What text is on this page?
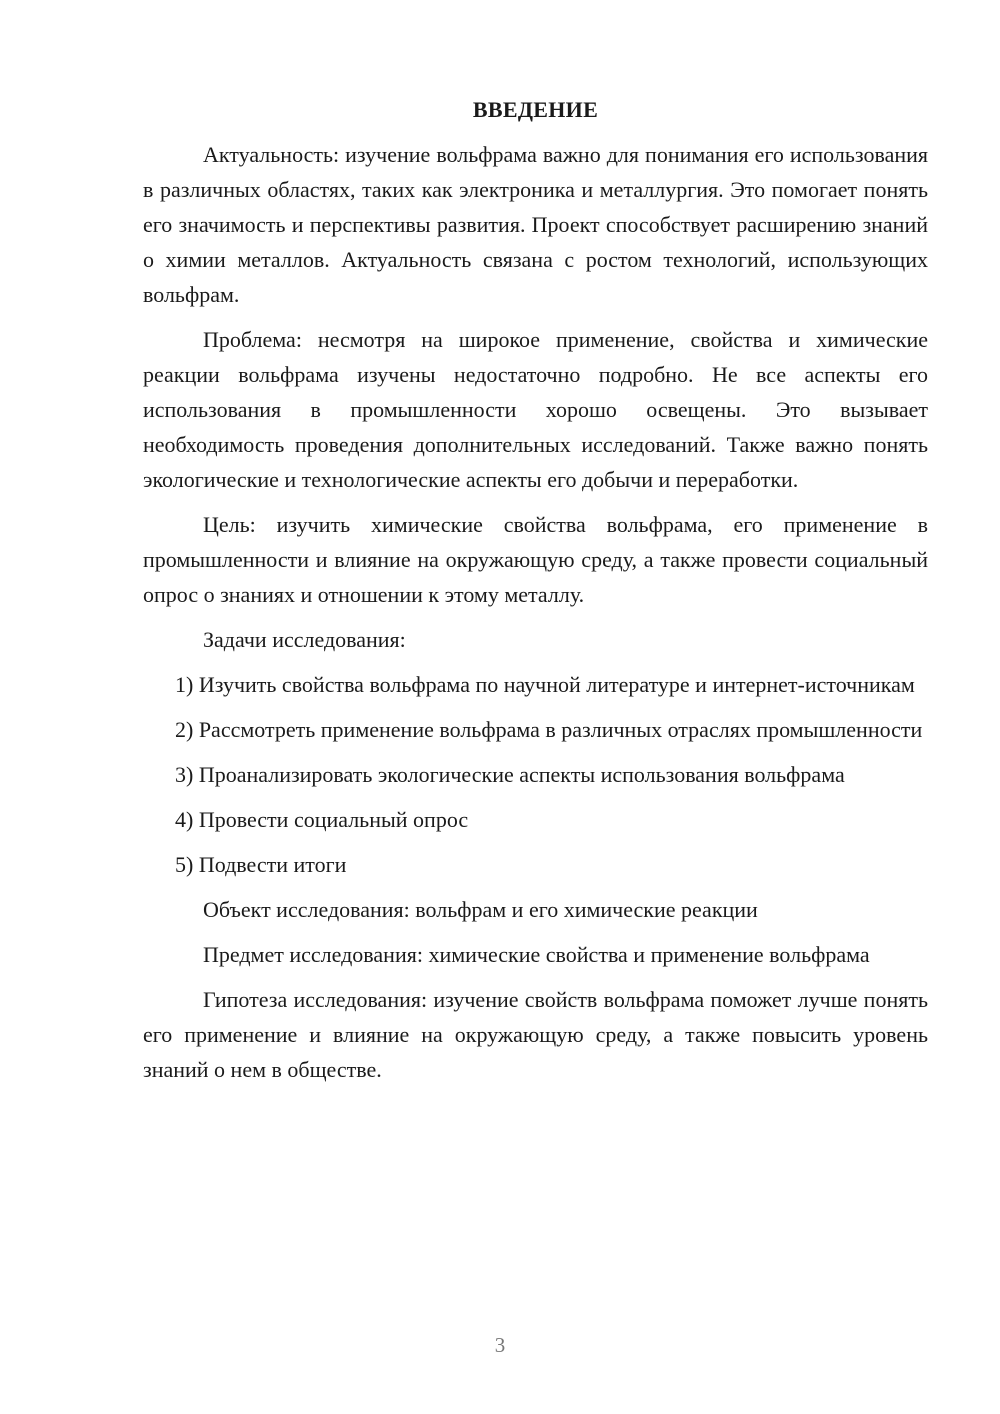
ВВЕДЕНИЕ

Актуальность: изучение вольфрама важно для понимания его использования в различных областях, таких как электроника и металлургия. Это помогает понять его значимость и перспективы развития. Проект способствует расширению знаний о химии металлов. Актуальность связана с ростом технологий, использующих вольфрам.

Проблема: несмотря на широкое применение, свойства и химические реакции вольфрама изучены недостаточно подробно. Не все аспекты его использования в промышленности хорошо освещены. Это вызывает необходимость проведения дополнительных исследований. Также важно понять экологические и технологические аспекты его добычи и переработки.

Цель: изучить химические свойства вольфрама, его применение в промышленности и влияние на окружающую среду, а также провести социальный опрос о знаниях и отношении к этому металлу.

Задачи исследования:

1) Изучить свойства вольфрама по научной литературе и интернет-источникам

2) Рассмотреть применение вольфрама в различных отраслях промышленности

3) Проанализировать экологические аспекты использования вольфрама

4) Провести социальный опрос

5) Подвести итоги

Объект исследования: вольфрам и его химические реакции

Предмет исследования: химические свойства и применение вольфрама

Гипотеза исследования: изучение свойств вольфрама поможет лучше понять его применение и влияние на окружающую среду, а также повысить уровень знаний о нем в обществе.

3
